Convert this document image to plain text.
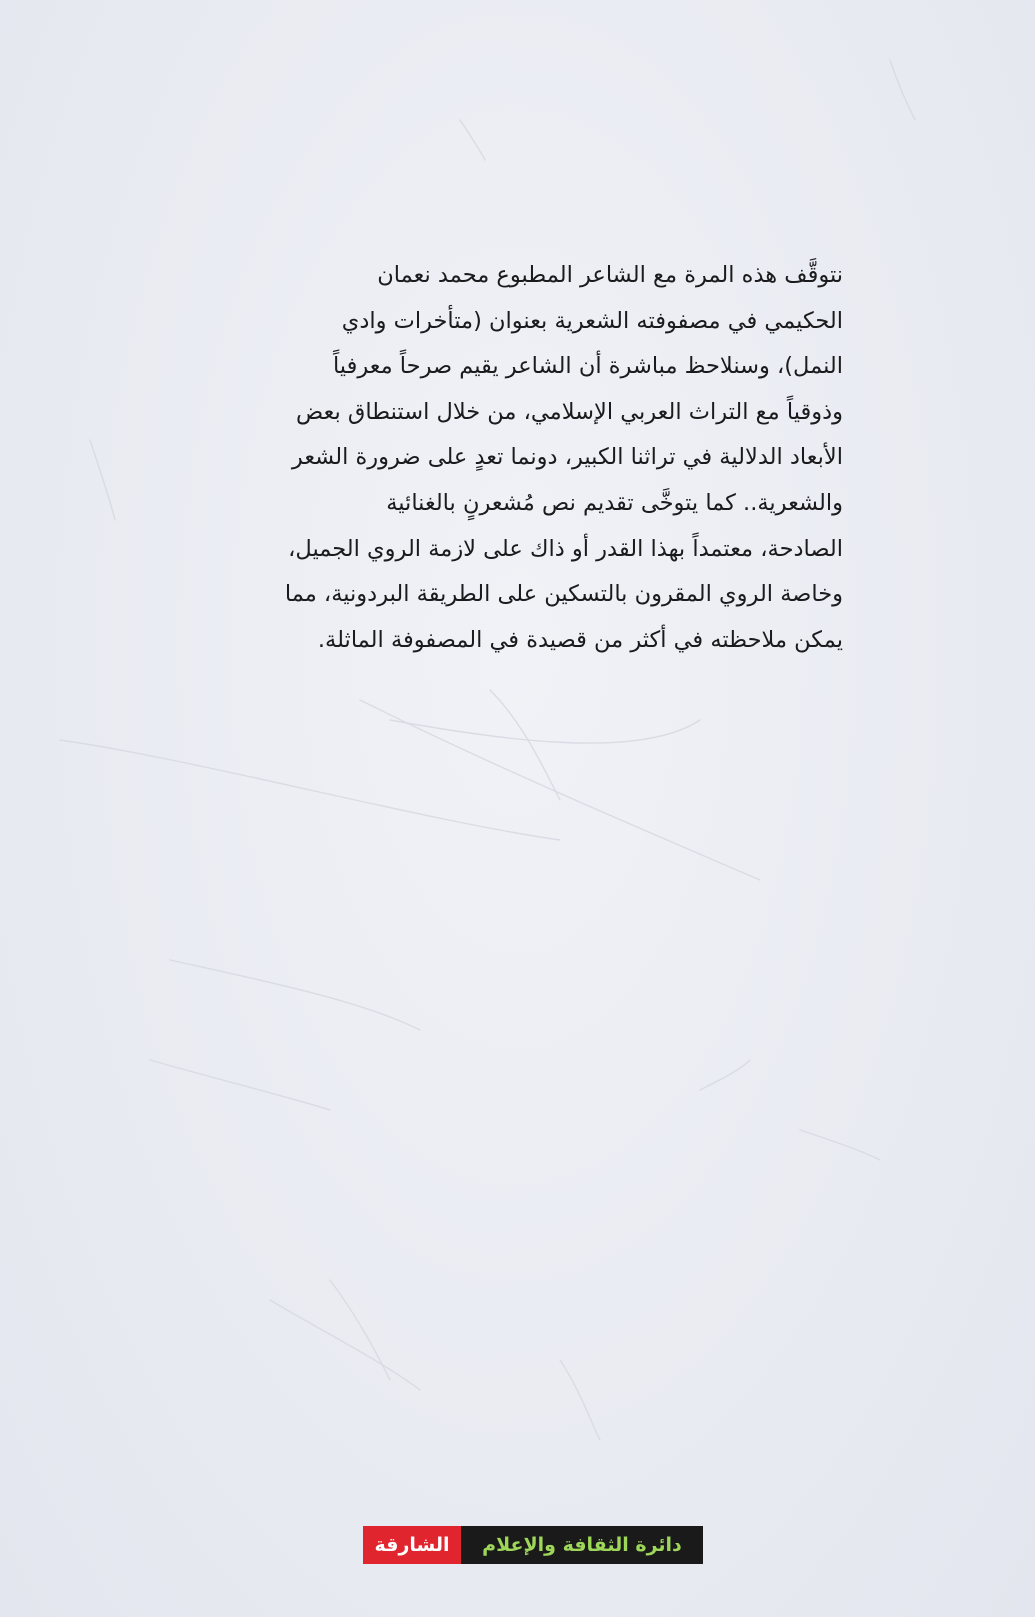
نتوقَّف هذه المرة مع الشاعر المطبوع محمد نعمان

الحكيمي في مصفوفته الشعرية بعنوان (متأخرات وادي

النمل)، وسنلاحظ مباشرة أن الشاعر يقيم صرحاً معرفياً

وذوقياً مع التراث العربي الإسلامي، من خلال استنطاق بعض

الأبعاد الدلالية في تراثنا الكبير، دونما تعدٍ على ضرورة الشعر

والشعرية.. كما يتوخَّى تقديم نص مُشعرنٍ بالغنائية

الصادحة، معتمداً بهذا القدر أو ذاك على لازمة الروي الجميل،

وخاصة الروي المقرون بالتسكين على الطريقة البردونية، مما

يمكن ملاحظته في أكثر من قصيدة في المصفوفة الماثلة.

الشارقة	دائرة الثقافة والإعلام
